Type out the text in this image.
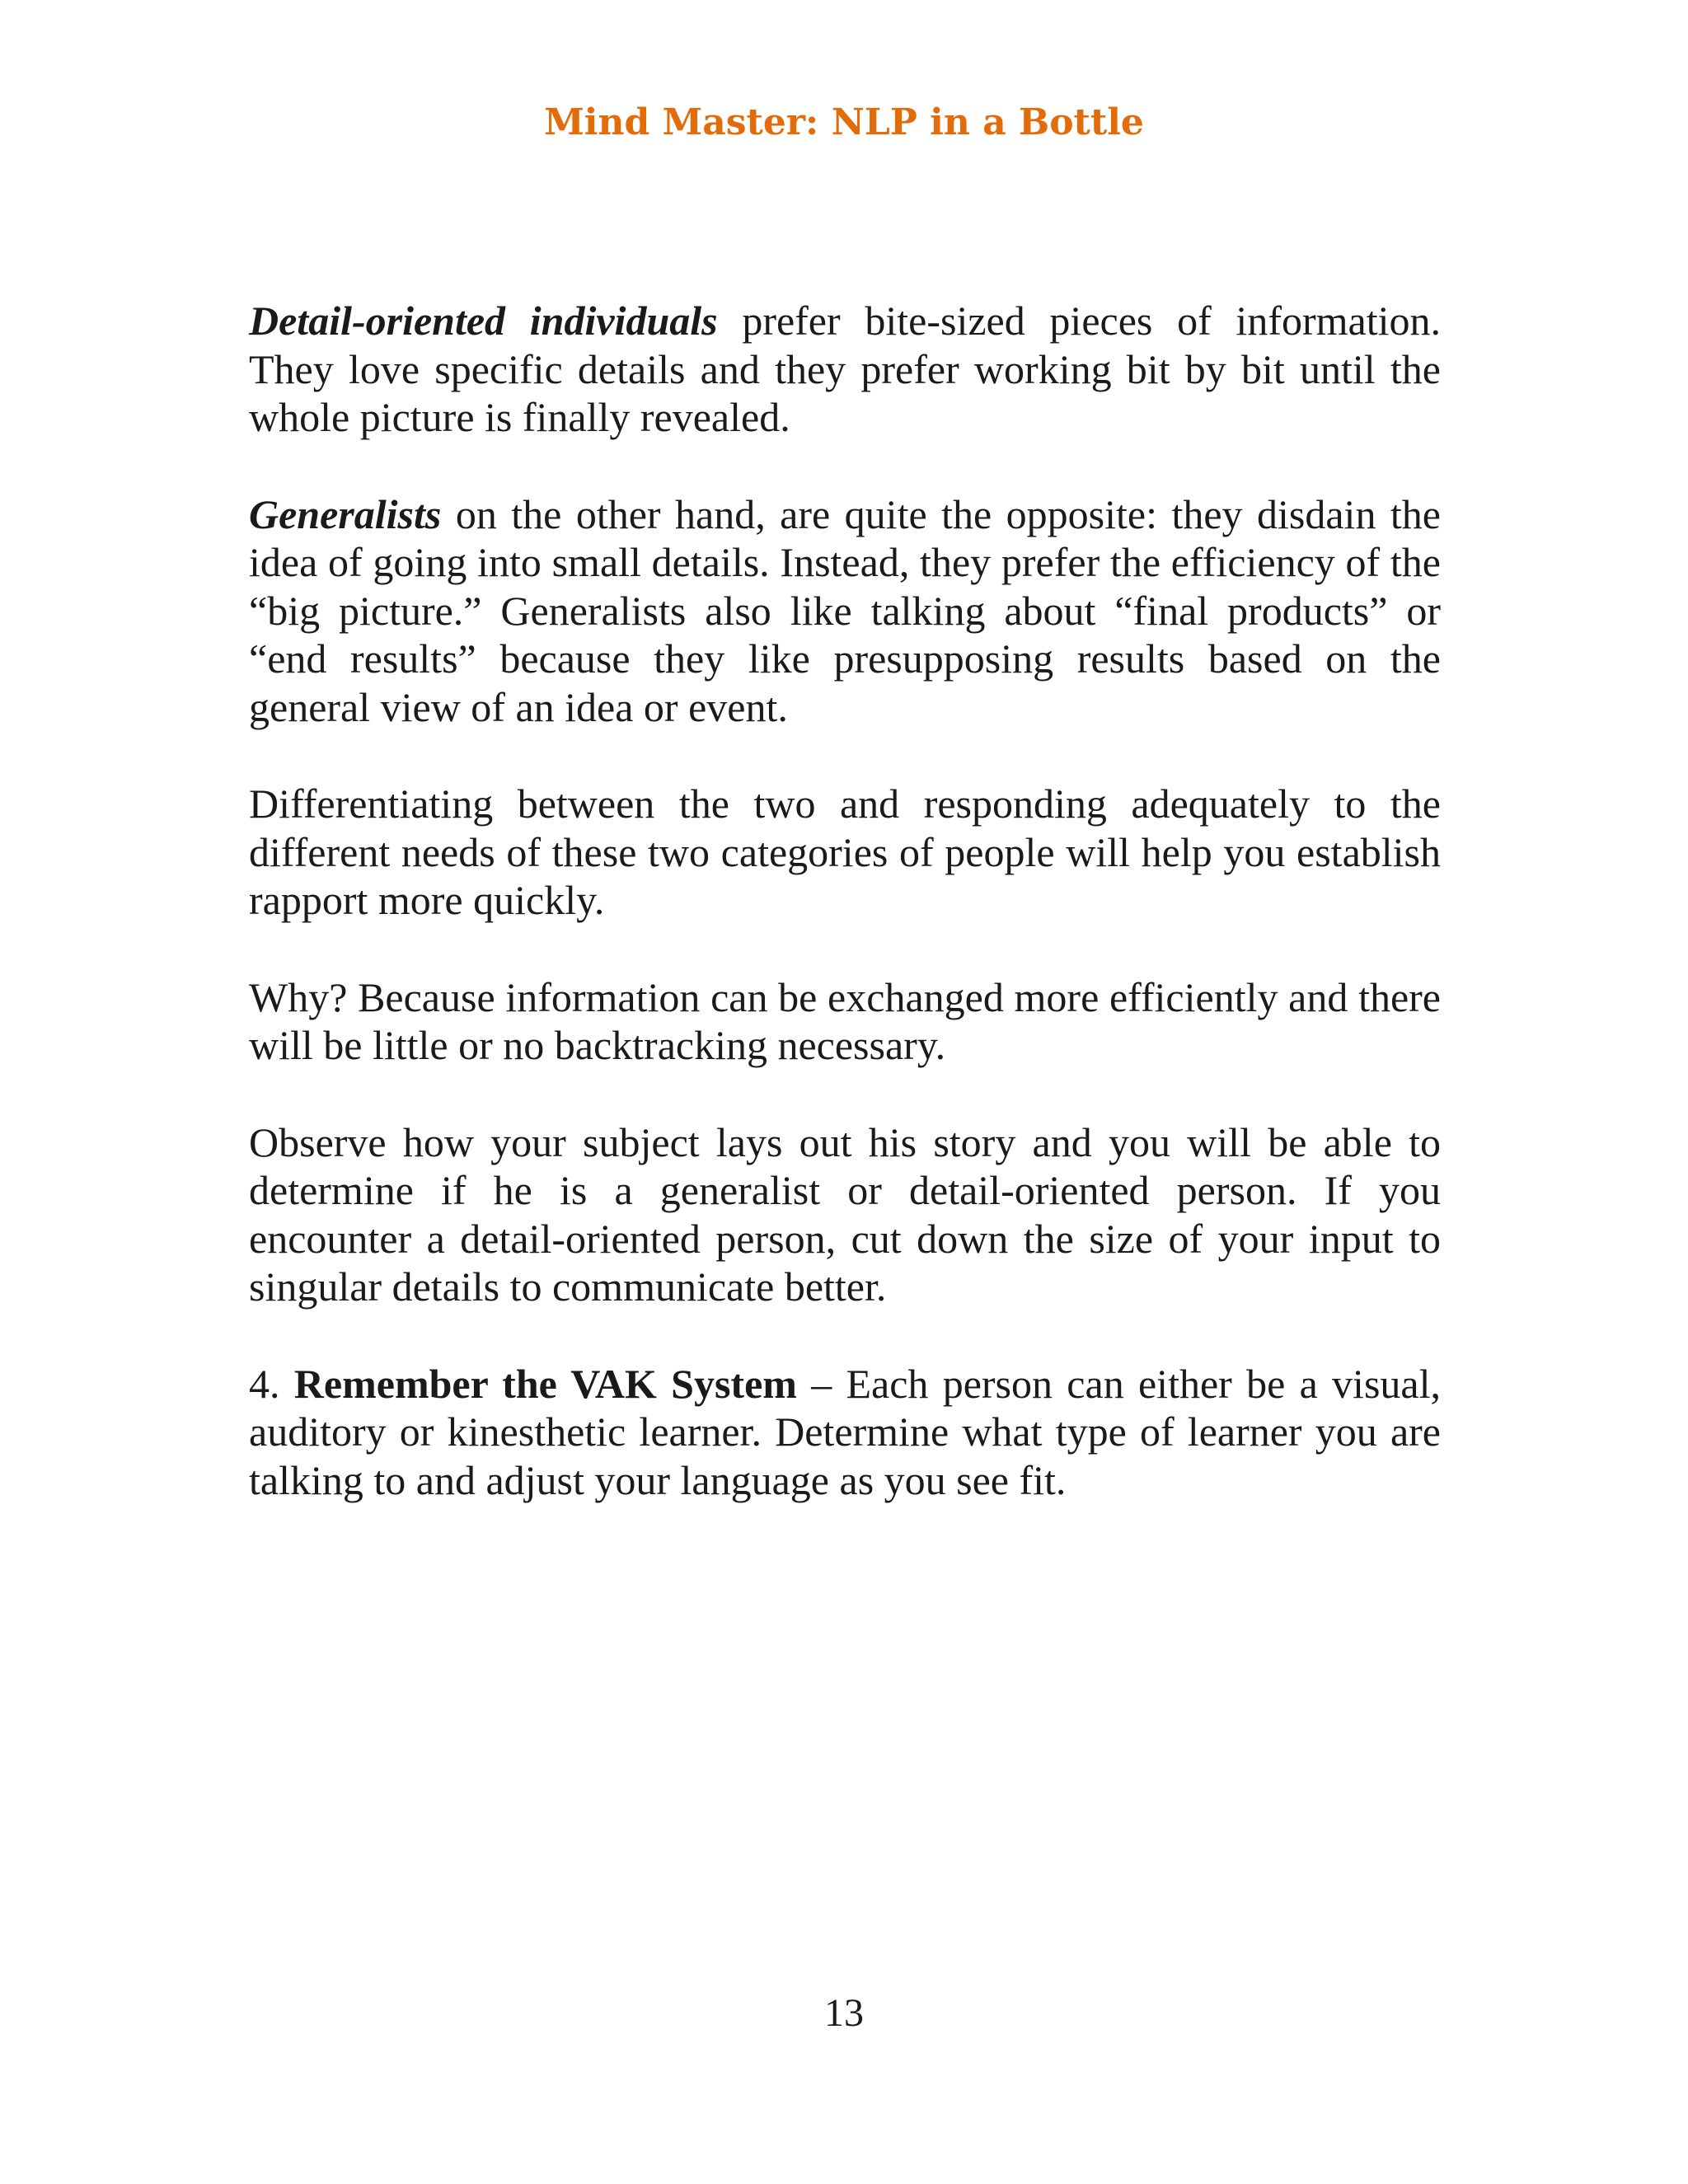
Mind Master: NLP in a Bottle

Detail-oriented individuals prefer bite-sized pieces of information. They love specific details and they prefer working bit by bit until the whole picture is finally revealed.

Generalists on the other hand, are quite the opposite: they disdain the idea of going into small details. Instead, they prefer the efficiency of the “big picture.” Generalists also like talking about “final products” or “end results” because they like presupposing results based on the general view of an idea or event.

Differentiating between the two and responding adequately to the different needs of these two categories of people will help you establish rapport more quickly.

Why? Because information can be exchanged more efficiently and there will be little or no backtracking necessary.

Observe how your subject lays out his story and you will be able to determine if he is a generalist or detail-oriented person. If you encounter a detail-oriented person, cut down the size of your input to singular details to communicate better.

4. Remember the VAK System – Each person can either be a visual, auditory or kinesthetic learner. Determine what type of learner you are talking to and adjust your language as you see fit.

13
